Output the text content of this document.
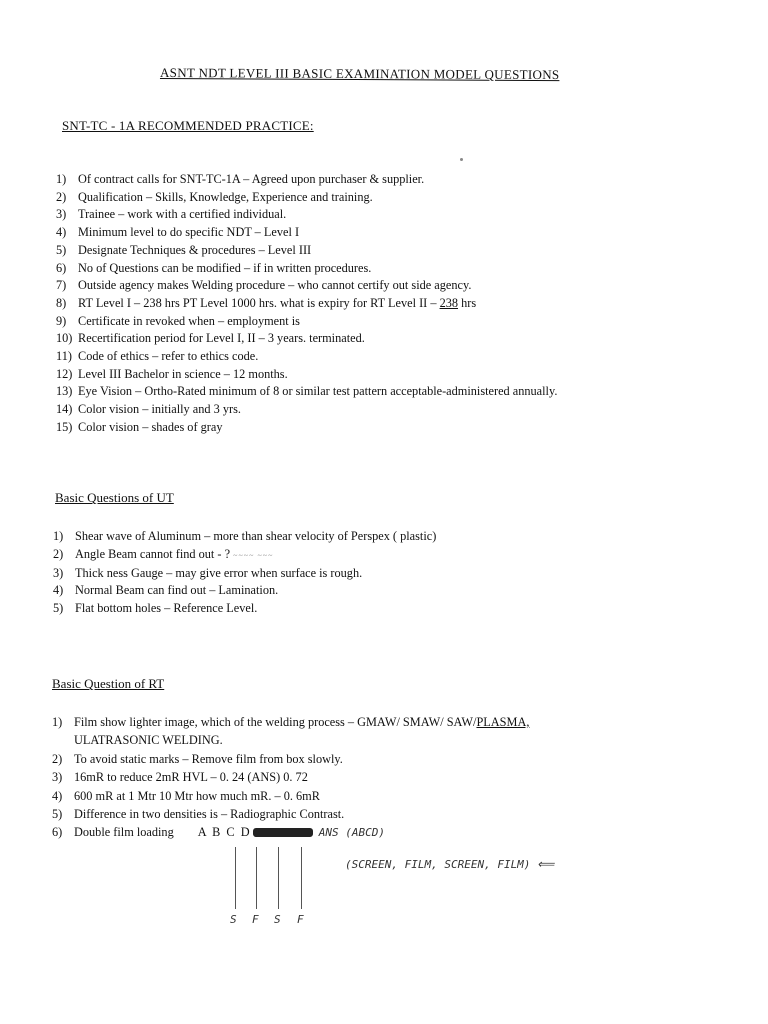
ASNT NDT LEVEL III BASIC EXAMINATION MODEL QUESTIONS
SNT-TC - 1A RECOMMENDED PRACTICE:
1) Of contract calls for SNT-TC-1A – Agreed upon purchaser & supplier.
2) Qualification – Skills, Knowledge, Experience and training.
3) Trainee – work with a certified individual.
4) Minimum level to do specific NDT – Level I
5) Designate Techniques & procedures – Level III
6) No of Questions can be modified – if in written procedures.
7) Outside agency makes Welding procedure – who cannot certify out side agency.
8) RT Level I – 238 hrs PT Level 1000 hrs. what is expiry for RT Level II – 238 hrs
9) Certificate in revoked when – employment is
10) Recertification period for Level I, II – 3 years. terminated.
11) Code of ethics – refer to ethics code.
12) Level III Bachelor in science – 12 months.
13) Eye Vision – Ortho-Rated minimum of 8 or similar test pattern acceptable-administered annually.
14) Color vision – initially and 3 yrs.
15) Color vision – shades of gray
Basic Questions of UT
1) Shear wave of Aluminum – more than shear velocity of Perspex ( plastic)
2) Angle Beam cannot find out - ? ~~~~ ~~~
3) Thick ness Gauge – may give error when surface is rough.
4) Normal Beam can find out – Lamination.
5) Flat bottom holes – Reference Level.
Basic Question of RT
1) Film show lighter image, which of the welding process – GMAW/ SMAW/ SAW/PLASMA,
ULATRASONIC WELDING.
2) To avoid static marks – Remove film from box slowly.
3) 16mR to reduce 2mR HVL – 0. 24 (ANS) 0. 72
4) 600 mR at 1 Mtr 10 Mtr how much mR. – 0. 6mR
5) Difference in two densities is – Radiographic Contrast.
6) Double film loading A  B  C  D	ANS (ABCD)
S F S F
(SCREEN, FILM, SCREEN, FILM) ⟸
